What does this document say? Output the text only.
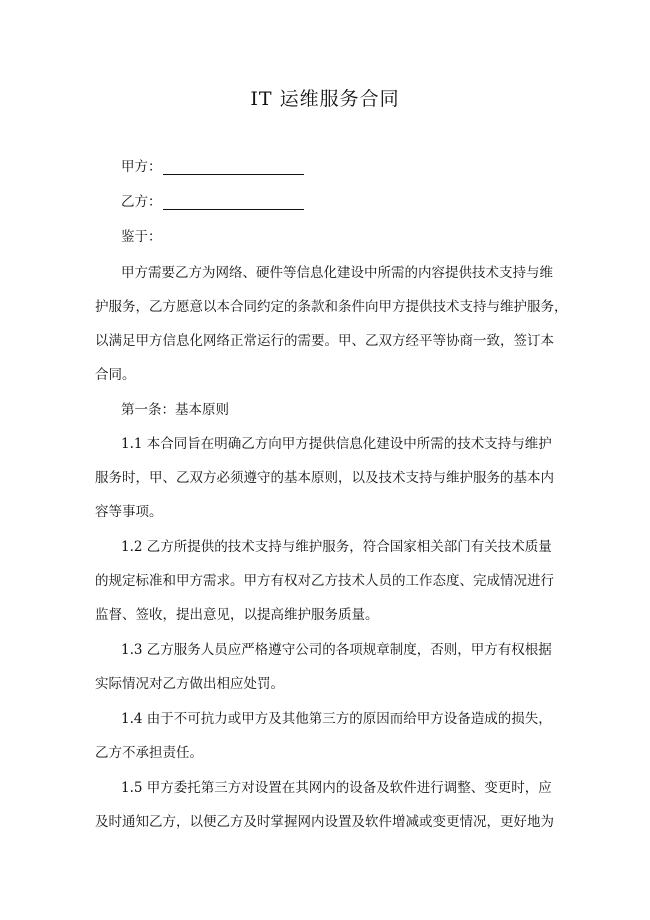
IT 运维服务合同
甲方：
乙方：
鉴于：
甲方需要乙方为网络、硬件等信息化建设中所需的内容提供技术支持与维
护服务，乙方愿意以本合同约定的条款和条件向甲方提供技术支持与维护服务，
以满足甲方信息化网络正常运行的需要。甲、乙双方经平等协商一致，签订本
合同。
第一条：基本原则
1.1 本合同旨在明确乙方向甲方提供信息化建设中所需的技术支持与维护
服务时，甲、乙双方必须遵守的基本原则，以及技术支持与维护服务的基本内
容等事项。
1.2 乙方所提供的技术支持与维护服务，符合国家相关部门有关技术质量
的规定标准和甲方需求。甲方有权对乙方技术人员的工作态度、完成情况进行
监督、签收，提出意见，以提高维护服务质量。
1.3 乙方服务人员应严格遵守公司的各项规章制度，否则，甲方有权根据
实际情况对乙方做出相应处罚。
1.4 由于不可抗力或甲方及其他第三方的原因而给甲方设备造成的损失，
乙方不承担责任。
1.5 甲方委托第三方对设置在其网内的设备及软件进行调整、变更时，应
及时通知乙方，以便乙方及时掌握网内设置及软件增减或变更情况，更好地为
